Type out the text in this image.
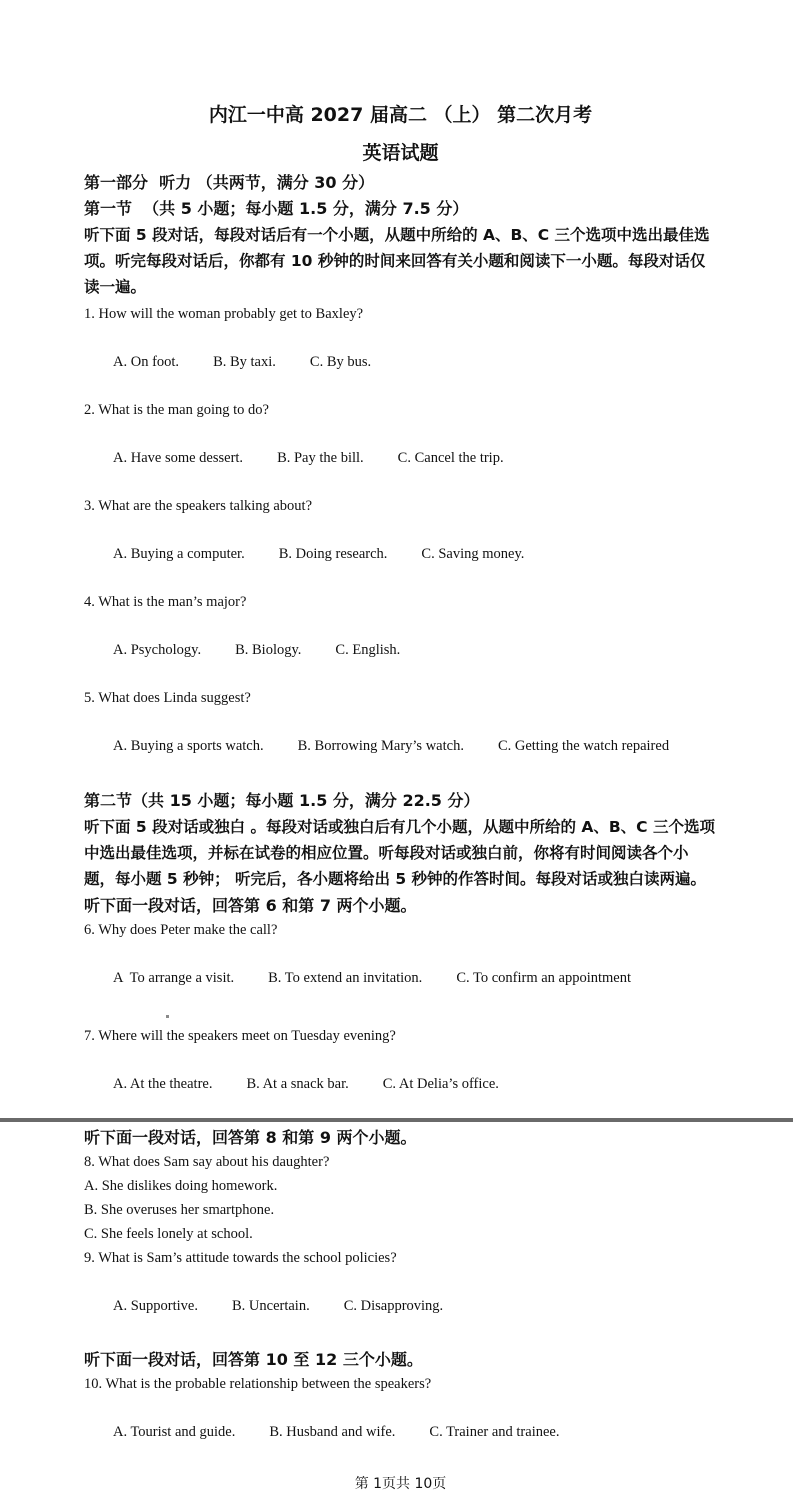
内江一中高 2027 届高二 （上） 第二次月考
英语试题
第一部分  听力 （共两节，满分 30 分）
第一节  （共 5 小题；每小题 1.5 分，满分 7.5 分）
听下面 5 段对话，每段对话后有一个小题，从题中所给的 A、B、C 三个选项中选出最佳选项。听完每段对话后，你都有 10 秒钟的时间来回答有关小题和阅读下一小题。每段对话仅读一遍。
1. How will the woman probably get to Baxley?

A. On foot. B. By taxi. C. By bus.

2. What is the man going to do?

A. Have some dessert. B. Pay the bill. C. Cancel the trip.

3. What are the speakers talking about?

A. Buying a computer. B. Doing research. C. Saving money.

4. What is the man’s major?

A. Psychology. B. Biology. C. English.

5. What does Linda suggest?

A. Buying a sports watch. B. Borrowing Mary’s watch. C. Getting the watch repaired

第二节（共 15 小题；每小题 1.5 分，满分 22.5 分）
听下面 5 段对话或独白 。每段对话或独白后有几个小题，从题中所给的 A、B、C 三个选项中选出最佳选项，并标在试卷的相应位置。听每段对话或独白前，你将有时间阅读各个小题，每小题 5 秒钟； 听完后，各小题将给出 5 秒钟的作答时间。每段对话或独白读两遍。
听下面一段对话，回答第 6 和第 7 两个小题。
6. Why does Peter make the call?

A  To arrange a visit. B. To extend an invitation. C. To confirm an appointment

7. Where will the speakers meet on Tuesday evening?

A. At the theatre. B. At a snack bar. C. At Delia’s office.

听下面一段对话，回答第 8 和第 9 两个小题。
8. What does Sam say about his daughter?
A. She dislikes doing homework.
B. She overuses her smartphone.
C. She feels lonely at school.
9. What is Sam’s attitude towards the school policies?

A. Supportive. B. Uncertain. C. Disapproving.

听下面一段对话，回答第 10 至 12 三个小题。
10. What is the probable relationship between the speakers?

A. Tourist and guide. B. Husband and wife. C. Trainer and trainee.

第 1页共 10页
